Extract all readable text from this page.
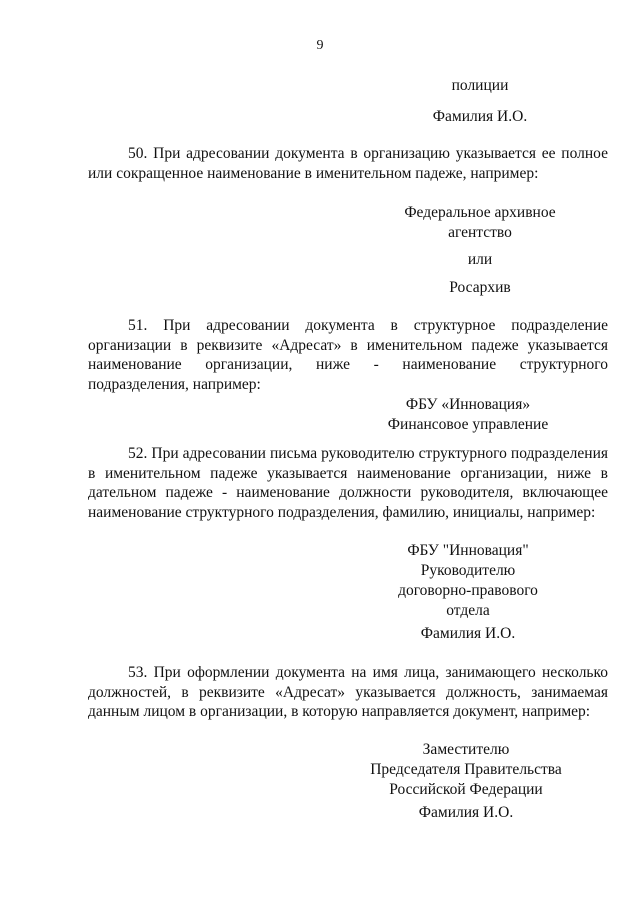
9
полиции
Фамилия И.О.

50. При адресовании документа в организацию указывается ее полное или сокращенное наименование в именительном падеже, например:

Федеральное архивное
агентство
или
Росархив

51. При адресовании документа в структурное подразделение организации в реквизите «Адресат» в именительном падеже указывается наименование организации, ниже - наименование структурного подразделения, например:

ФБУ «Инновация»
Финансовое управление

52. При адресовании письма руководителю структурного подразделения в именительном падеже указывается наименование организации, ниже в дательном падеже - наименование должности руководителя, включающее наименование структурного подразделения, фамилию, инициалы, например:

ФБУ "Инновация"
Руководителю
договорно-правового
отдела
Фамилия И.О.

53. При оформлении документа на имя лица, занимающего несколько должностей, в реквизите «Адресат» указывается должность, занимаемая данным лицом в организации, в которую направляется документ, например:

Заместителю
Председателя Правительства
Российской Федерации
Фамилия И.О.
